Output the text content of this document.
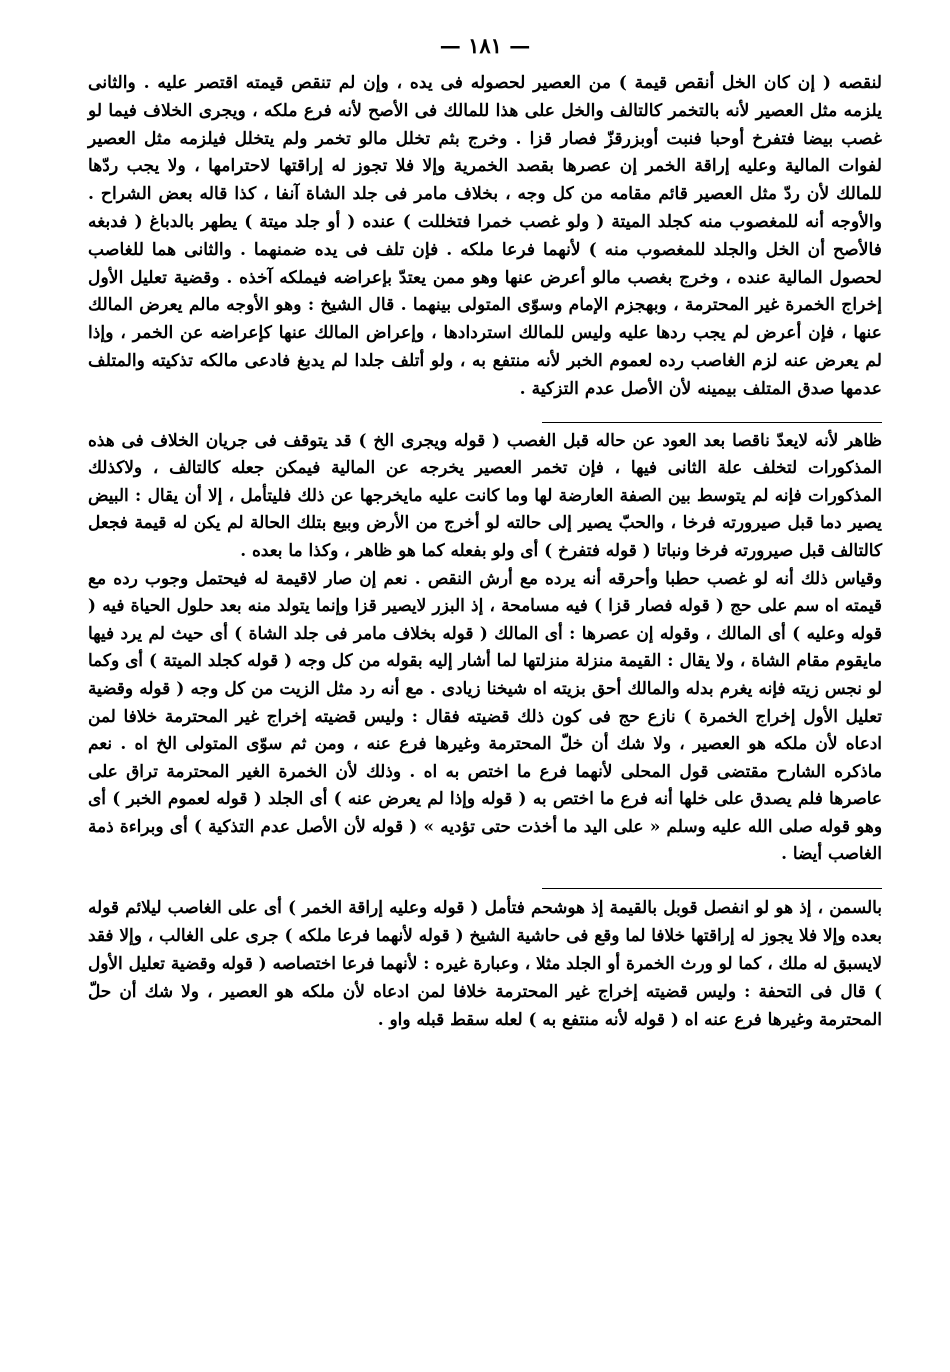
— ١٨١ —

لنقصه ( إن كان الخل أنقص قيمة ) من العصير لحصوله فى يده ، وإن لم تنقص قيمته اقتصر عليه . والثانى يلزمه مثل العصير لأنه بالتخمر كالتالف والخل على هذا للمالك فى الأصح لأنه فرع ملكه ، ويجرى الخلاف فيما لو غصب بيضا فتفرخ أوحبا فنبت أوبزرقزّ فصار قزا . وخرج بثم تخلل مالو تخمر ولم يتخلل فيلزمه مثل العصير لفوات المالية وعليه إراقة الخمر إن عصرها بقصد الخمرية وإلا فلا تجوز له إراقتها لاحترامها ، ولا يجب ردّها للمالك لأن ردّ مثل العصير قائم مقامه من كل وجه ، بخلاف مامر فى جلد الشاة آنفا ، كذا قاله بعض الشراح . والأوجه أنه للمغصوب منه كجلد الميتة ( ولو غصب خمرا فتخللت ) عنده ( أو جلد ميتة ) يطهر بالدباغ ( فدبغه فالأصح أن الخل والجلد للمغصوب منه ) لأنهما فرعا ملكه . فإن تلف فى يده ضمنهما . والثانى هما للغاصب لحصول المالية عنده ، وخرج بغصب مالو أعرض عنها وهو ممن يعتدّ بإعراضه فيملكه آخذه . وقضية تعليل الأول إخراج الخمرة غير المحترمة ، وبهجزم الإمام وسوّى المتولى بينهما . قال الشيخ : وهو الأوجه مالم يعرض المالك عنها ، فإن أعرض لم يجب ردها عليه وليس للمالك استردادها ، وإعراض المالك عنها كإعراضه عن الخمر ، وإذا لم يعرض عنه لزم الغاصب رده لعموم الخبر لأنه منتفع به ، ولو أتلف جلدا لم يدبغ فادعى مالكه تذكيته والمتلف عدمها صدق المتلف بيمينه لأن الأصل عدم التزكية .

ظاهر لأنه لايعدّ ناقصا بعد العود عن حاله قبل الغصب ( قوله ويجرى الخ ) قد يتوقف فى جريان الخلاف فى هذه المذكورات لتخلف علة الثانى فيها ، فإن تخمر العصير يخرجه عن المالية فيمكن جعله كالتالف ، ولاكذلك المذكورات فإنه لم يتوسط بين الصفة العارضة لها وما كانت عليه مايخرجها عن ذلك فليتأمل ، إلا أن يقال : البيض يصير دما قبل صيرورته فرخا ، والحبّ يصير إلى حالته لو أخرج من الأرض وبيع بتلك الحالة لم يكن له قيمة فجعل كالتالف قبل صيرورته فرخا ونباتا ( قوله فتفرخ ) أى ولو بفعله كما هو ظاهر ، وكذا ما بعده .

وقياس ذلك أنه لو غصب حطبا وأحرقه أنه يرده مع أرش النقص . نعم إن صار لاقيمة له فيحتمل وجوب رده مع قيمته اه سم على حج ( قوله فصار قزا ) فيه مسامحة ، إذ البزر لايصير قزا وإنما يتولد منه بعد حلول الحياة فيه ( قوله وعليه ) أى المالك ، وقوله إن عصرها : أى المالك ( قوله بخلاف مامر فى جلد الشاة ) أى حيث لم يرد فيها مايقوم مقام الشاة ، ولا يقال : القيمة منزلة منزلتها لما أشار إليه بقوله من كل وجه ( قوله كجلد الميتة ) أى وكما لو نجس زيته فإنه يغرم بدله والمالك أحق بزيته اه شيخنا زيادى . مع أنه رد مثل الزيت من كل وجه ( قوله وقضية تعليل الأول إخراج الخمرة ) نازع حج فى كون ذلك قضيته فقال : وليس قضيته إخراج غير المحترمة خلافا لمن ادعاه لأن ملكه هو العصير ، ولا شك أن خلّ المحترمة وغيرها فرع عنه ، ومن ثم سوّى المتولى الخ اه . نعم ماذكره الشارح مقتضى قول المحلى لأنهما فرع ما اختص به اه . وذلك لأن الخمرة الغير المحترمة تراق على عاصرها فلم يصدق على خلها أنه فرع ما اختص به ( قوله وإذا لم يعرض عنه ) أى الجلد ( قوله لعموم الخبر ) أى وهو قوله صلى الله عليه وسلم « على اليد ما أخذت حتى تؤديه » ( قوله لأن الأصل عدم التذكية ) أى وبراءة ذمة الغاصب أيضا .

بالسمن ، إذ هو لو انفصل قوبل بالقيمة إذ هوشحم فتأمل ( قوله وعليه إراقة الخمر ) أى على الغاصب ليلائم قوله بعده وإلا فلا يجوز له إراقتها خلافا لما وقع فى حاشية الشيخ ( قوله لأنهما فرعا ملكه ) جرى على الغالب ، وإلا فقد لايسبق له ملك ، كما لو ورث الخمرة أو الجلد مثلا ، وعبارة غيره : لأنهما فرعا اختصاصه ( قوله وقضية تعليل الأول ) قال فى التحفة : وليس قضيته إخراج غير المحترمة خلافا لمن ادعاه لأن ملكه هو العصير ، ولا شك أن حلّ المحترمة وغيرها فرع عنه اه ( قوله لأنه منتفع به ) لعله سقط قبله واو .
